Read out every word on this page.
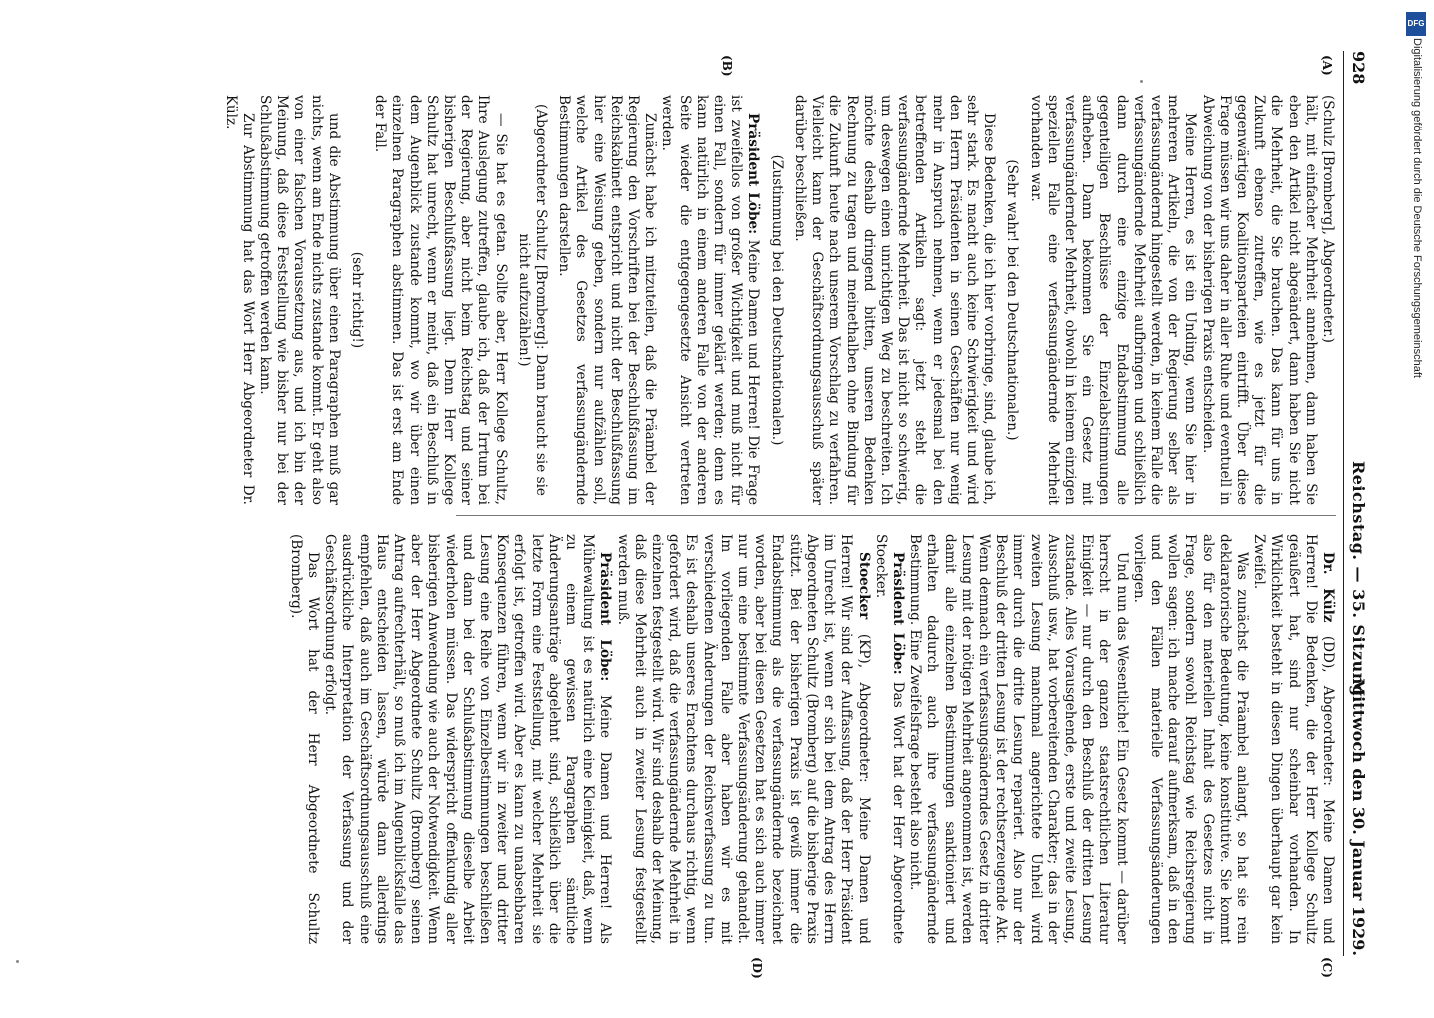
928
Reichstag. — 35. Sitzung.
Mittwoch den 30. Januar 1929.
(A)
(B)
(C)
(D)

(Schulz [Bromberg], Abgeordneter.)

hält, mit einfacher Mehrheit annehmen, dann haben Sie eben den Artikel nicht abgeändert, dann haben Sie nicht die Mehrheit, die Sie brauchen. Das kann für uns in Zukunft ebenso zutreffen, wie es jetzt für die gegenwärtigen Koalitionsparteien eintrifft. Über diese Frage müssen wir uns daher in aller Ruhe und eventuell in Abweichung von der bisherigen Praxis entscheiden.

Meine Herren, es ist ein Unding, wenn Sie hier in mehreren Artikeln, die von der Regierung selber als verfassungändernd hingestellt werden, in keinem Falle die verfassungändernde Mehrheit aufbringen und schließlich dann durch eine einzige Endabstimmung alle gegenteiligen Beschlüsse der Einzelabstimmungen aufheben. Dann bekommen Sie ein Gesetz mit verfassungändernder Mehrheit, obwohl in keinem einzigen speziellen Falle eine verfassungändernde Mehrheit vorhanden war.

(Sehr wahr! bei den Deutschnationalen.)

Diese Bedenken, die ich hier vorbringe, sind, glaube ich, sehr stark. Es macht auch keine Schwierigkeit und wird den Herrn Präsidenten in seinen Geschäften nur wenig mehr in Anspruch nehmen, wenn er jedesmal bei den betreffenden Artikeln sagt: jetzt steht die verfassungändernde Mehrheit. Das ist nicht so schwierig, um deswegen einen unrichtigen Weg zu beschreiten. Ich möchte deshalb dringend bitten, unseren Bedenken Rechnung zu tragen und meinethalben ohne Bindung für die Zukunft heute nach unserem Vorschlag zu verfahren. Vielleicht kann der Geschäftsordnungsausschuß später darüber beschließen.

(Zustimmung bei den Deutschnationalen.)

Präsident Löbe: Meine Damen und Herren! Die Frage ist zweifellos von großer Wichtigkeit und muß nicht für einen Fall, sondern für immer geklärt werden; denn es kann natürlich in einem anderen Falle von der anderen Seite wieder die entgegengesetzte Ansicht vertreten werden.

Zunächst habe ich mitzuteilen, daß die Präambel der Regierung den Vorschriften bei der Beschlußfassung im Reichskabinett entspricht und nicht der Beschlußfassung hier eine Weisung geben, sondern nur aufzählen soll, welche Artikel des Gesetzes verfassungändernde Bestimmungen darstellen.

(Abgeordneter Schultz [Bromberg]: Dann braucht sie sie nicht aufzuzählen!)

— Sie hat es getan. Sollte aber, Herr Kollege Schultz, Ihre Auslegung zutreffen, glaube ich, daß der Irrtum bei der Regierung, aber nicht beim Reichstag und seiner bisherigen Beschlußfassung liegt. Denn Herr Kollege Schultz hat unrecht, wenn er meint, daß ein Beschluß in dem Augenblick zustande kommt, wo wir über einen einzelnen Paragraphen abstimmen. Das ist erst am Ende der Fall.

(sehr richtig!)

und die Abstimmung über einen Paragraphen muß gar nichts, wenn am Ende nichts zustande kommt. Er geht also von einer falschen Voraussetzung aus, und ich bin der Meinung, daß diese Feststellung wie bisher nur bei der Schlußabstimmung getroffen werden kann.

Zur Abstimmung hat das Wort Herr Abgeordneter Dr. Külz.

Dr. Külz (DD), Abgeordneter: Meine Damen und Herren! Die Bedenken, die der Herr Kollege Schultz geäußert hat, sind nur scheinbar vorhanden. In Wirklichkeit besteht in diesen Dingen überhaupt gar kein Zweifel.

Was zunächst die Präambel anlangt, so hat sie rein deklaratorische Bedeutung, keine konstitutive. Sie kommt also für den materiellen Inhalt des Gesetzes nicht in Frage, sondern sowohl Reichstag wie Reichsregierung wollen sagen: ich mache darauf aufmerksam, daß in den und den Fällen materielle Verfassungsänderungen vorliegen.

Und nun das Wesentliche! Ein Gesetz kommt — darüber herrscht in der ganzen staatsrechtlichen Literatur Einigkeit — nur durch den Beschluß der dritten Lesung zustande. Alles Vorausgehende, erste und zweite Lesung, Ausschuß usw., hat vorbereitenden Charakter; das in der zweiten Lesung manchmal angerichtete Unheil wird immer durch die dritte Lesung repariert. Also nur der Beschluß der dritten Lesung ist der rechtserzeugende Akt. Wenn demnach ein verfassungsänderndes Gesetz in dritter Lesung mit der nötigen Mehrheit angenommen ist, werden damit alle einzelnen Bestimmungen sanktioniert und erhalten dadurch auch ihre verfassungändernde Bestimmung. Eine Zweifelsfrage besteht also nicht.

Präsident Löbe: Das Wort hat der Herr Abgeordnete Stoecker.

Stoecker (KP), Abgeordneter: Meine Damen und Herren! Wir sind der Auffassung, daß der Herr Präsident im Unrecht ist, wenn er sich bei dem Antrag des Herrn Abgeordneten Schultz (Bromberg) auf die bisherige Praxis stützt. Bei der bisherigen Praxis ist gewiß immer die Endabstimmung als die verfassungändernde bezeichnet worden, aber bei diesen Gesetzen hat es sich auch immer nur um eine bestimmte Verfassungsänderung gehandelt. Im vorliegenden Falle aber haben wir es mit verschiedenen Änderungen der Reichsverfassung zu tun. Es ist deshalb unseres Erachtens durchaus richtig, wenn gefordert wird, daß die verfassungändernde Mehrheit in einzelnen festgestellt wird. Wir sind deshalb der Meinung, daß diese Mehrheit auch in zweiter Lesung festgestellt werden muß.

Präsident Löbe: Meine Damen und Herren! Als Mühewaltung ist es natürlich eine Kleinigkeit, daß, wenn zu einem gewissen Paragraphen sämtliche Änderungsanträge abgelehnt sind, schließlich über die letzte Form eine Feststellung, mit welcher Mehrheit sie erfolgt ist, getroffen wird. Aber es kann zu unabsehbaren Konsequenzen führen, wenn wir in zweiter und dritter Lesung eine Reihe von Einzelbestimmungen beschließen und dann bei der Schlußabstimmung dieselbe Arbeit wiederholen müssen. Das widerspricht offenkundig aller bisherigen Anwendung wie auch der Notwendigkeit. Wenn aber der Herr Abgeordnete Schultz (Bromberg) seinen Antrag aufrechterhält, so muß ich im Augenblicksfalle das Haus entscheiden lassen, würde dann allerdings empfehlen, daß auch im Geschäftsordnungsausschuß eine ausdrückliche Interpretation der Verfassung und der Geschäftsordnung erfolgt.

Das Wort hat der Herr Abgeordnete Schultz (Bromberg).

DFG
Digitalisierung gefördert durch die Deutsche Forschungsgemeinschaft
